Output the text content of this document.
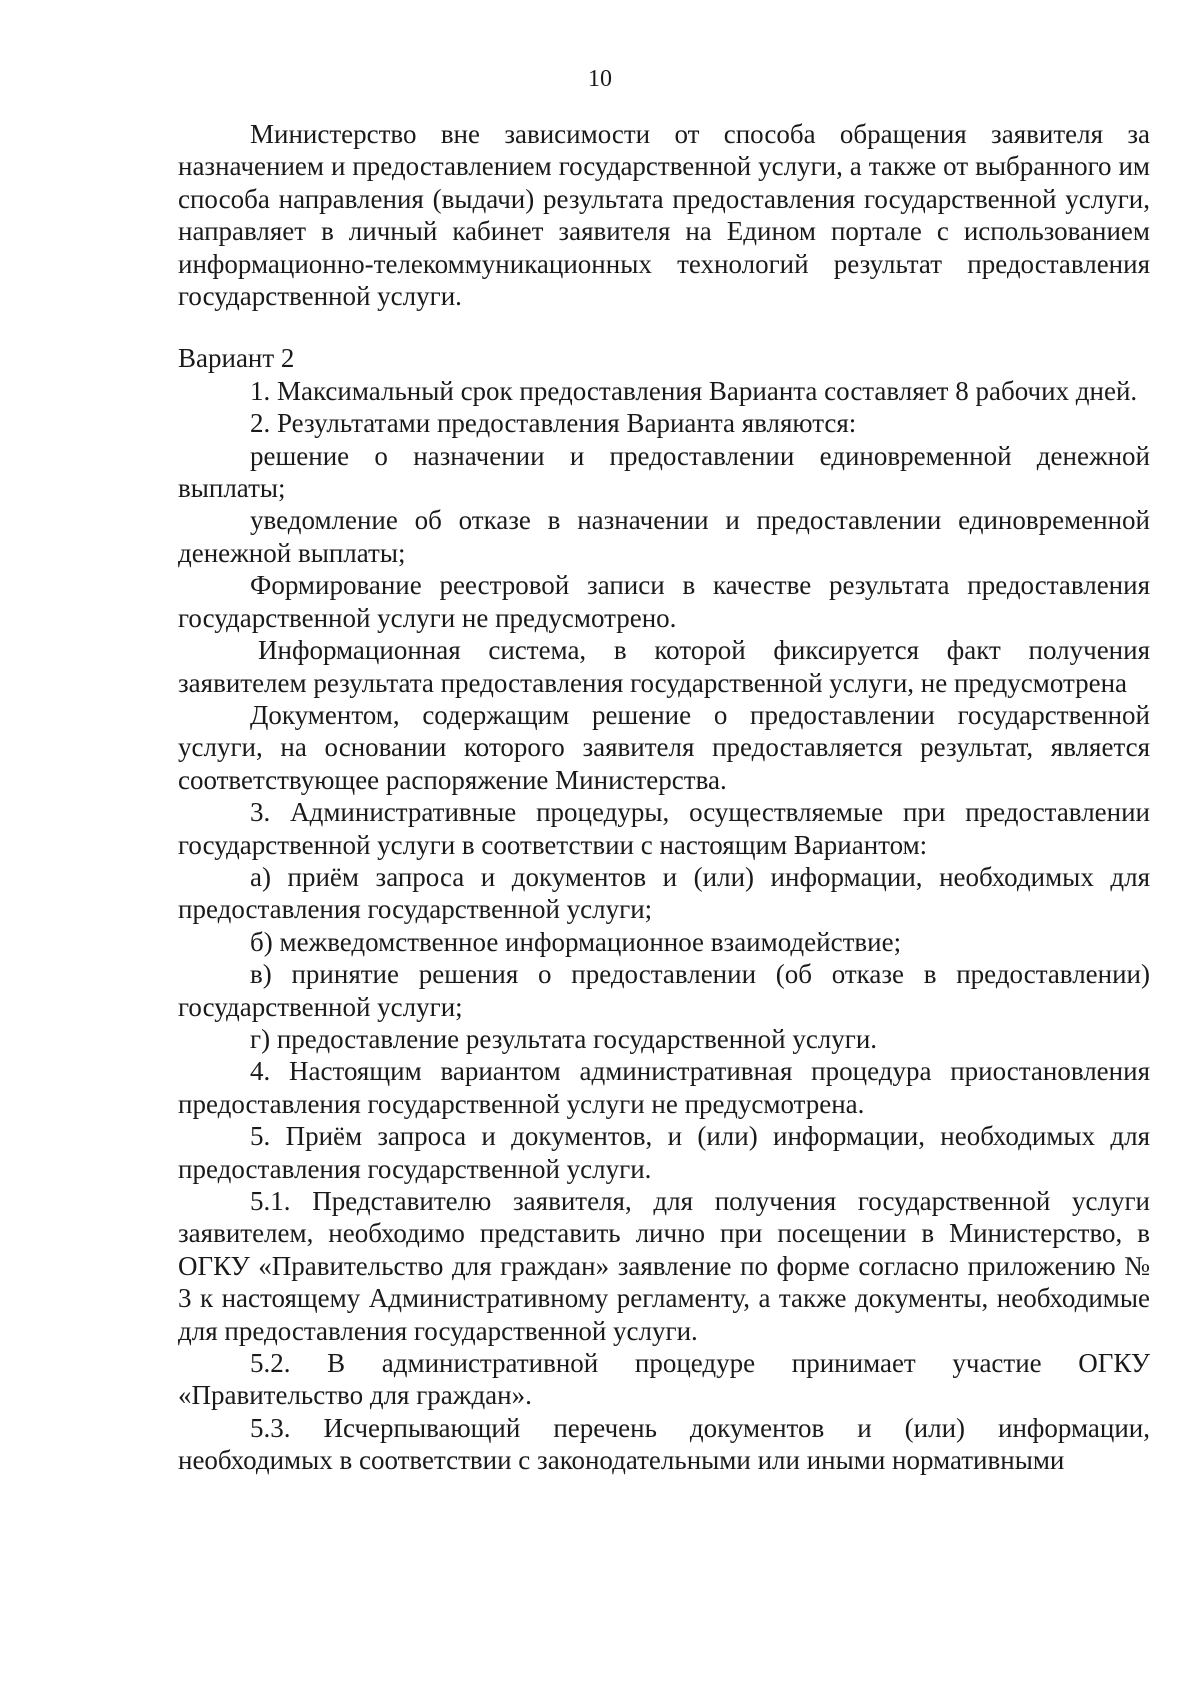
10

Министерство вне зависимости от способа обращения заявителя за назначением и предоставлением государственной услуги, а также от выбранного им способа направления (выдачи) результата предоставления государственной услуги, направляет в личный кабинет заявителя на Едином портале с использованием информационно-телекоммуникационных технологий результат предоставления государственной услуги.

Вариант 2

1. Максимальный срок предоставления Варианта составляет 8 рабочих дней.

2. Результатами предоставления Варианта являются:

решение о назначении и предоставлении единовременной денежной выплаты;

уведомление об отказе в назначении и предоставлении единовременной денежной выплаты;

Формирование реестровой записи в качестве результата предоставления государственной услуги не предусмотрено.

Информационная система, в которой фиксируется факт получения заявителем результата предоставления государственной услуги, не предусмотрена

Документом, содержащим решение о предоставлении государственной услуги, на основании которого заявителя предоставляется результат, является соответствующее распоряжение Министерства.

3. Административные процедуры, осуществляемые при предоставлении государственной услуги в соответствии с настоящим Вариантом:

а) приём запроса и документов и (или) информации, необходимых для предоставления государственной услуги;

б) межведомственное информационное взаимодействие;

в) принятие решения о предоставлении (об отказе в предоставлении) государственной услуги;

г) предоставление результата государственной услуги.

4. Настоящим вариантом административная процедура приостановления предоставления государственной услуги не предусмотрена.

5. Приём запроса и документов, и (или) информации, необходимых для предоставления государственной услуги.

5.1. Представителю заявителя, для получения государственной услуги заявителем, необходимо представить лично при посещении в Министерство, в ОГКУ «Правительство для граждан» заявление по форме согласно приложению № 3 к настоящему Административному регламенту, а также документы, необходимые для предоставления государственной услуги.

5.2. В административной процедуре принимает участие ОГКУ «Правительство для граждан».

5.3. Исчерпывающий перечень документов и (или) информации, необходимых в соответствии с законодательными или иными нормативными
